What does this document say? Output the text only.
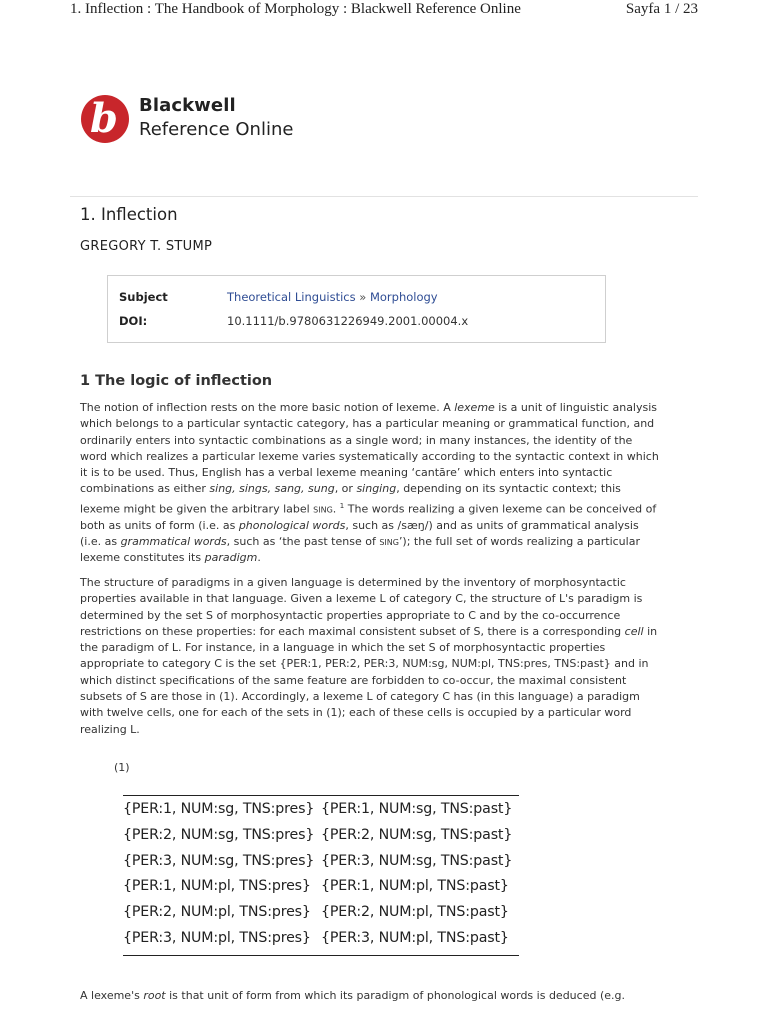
1. Inflection : The Handbook of Morphology : Blackwell Reference Online	Sayfa 1 / 23
b Blackwell
Reference Online
1. Inflection
GREGORY T. STUMP
Subject	Theoretical Linguistics » Morphology
DOI:	10.1111/b.9780631226949.2001.00004.x
1 The logic of inflection
The notion of inflection rests on the more basic notion of lexeme. A lexeme is a unit of linguistic analysis which belongs to a particular syntactic category, has a particular meaning or grammatical function, and ordinarily enters into syntactic combinations as a single word; in many instances, the identity of the word which realizes a particular lexeme varies systematically according to the syntactic context in which it is to be used. Thus, English has a verbal lexeme meaning ‘cantāre’ which enters into syntactic combinations as either sing, sings, sang, sung, or singing, depending on its syntactic context; this lexeme might be given the arbitrary label sing. $^1$ The words realizing a given lexeme can be conceived of both as units of form (i.e. as phonological words, such as /sæŋ/) and as units of grammatical analysis (i.e. as grammatical words, such as ‘the past tense of sing’); the full set of words realizing a particular lexeme constitutes its paradigm.
The structure of paradigms in a given language is determined by the inventory of morphosyntactic properties available in that language. Given a lexeme L of category C, the structure of L's paradigm is determined by the set S of morphosyntactic properties appropriate to C and by the co-occurrence restrictions on these properties: for each maximal consistent subset of S, there is a corresponding cell in the paradigm of L. For instance, in a language in which the set S of morphosyntactic properties appropriate to category C is the set {PER:1, PER:2, PER:3, NUM:sg, NUM:pl, TNS:pres, TNS:past} and in which distinct specifications of the same feature are forbidden to co-occur, the maximal consistent subsets of S are those in (1). Accordingly, a lexeme L of category C has (in this language) a paradigm with twelve cells, one for each of the sets in (1); each of these cells is occupied by a particular word realizing L.
(1)
{PER:1, NUM:sg, TNS:pres} {PER:1, NUM:sg, TNS:past}
{PER:2, NUM:sg, TNS:pres} {PER:2, NUM:sg, TNS:past}
{PER:3, NUM:sg, TNS:pres} {PER:3, NUM:sg, TNS:past}
{PER:1, NUM:pl, TNS:pres} {PER:1, NUM:pl, TNS:past}
{PER:2, NUM:pl, TNS:pres} {PER:2, NUM:pl, TNS:past}
{PER:3, NUM:pl, TNS:pres} {PER:3, NUM:pl, TNS:past}
A lexeme's root is that unit of form from which its paradigm of phonological words is deduced (e.g.
